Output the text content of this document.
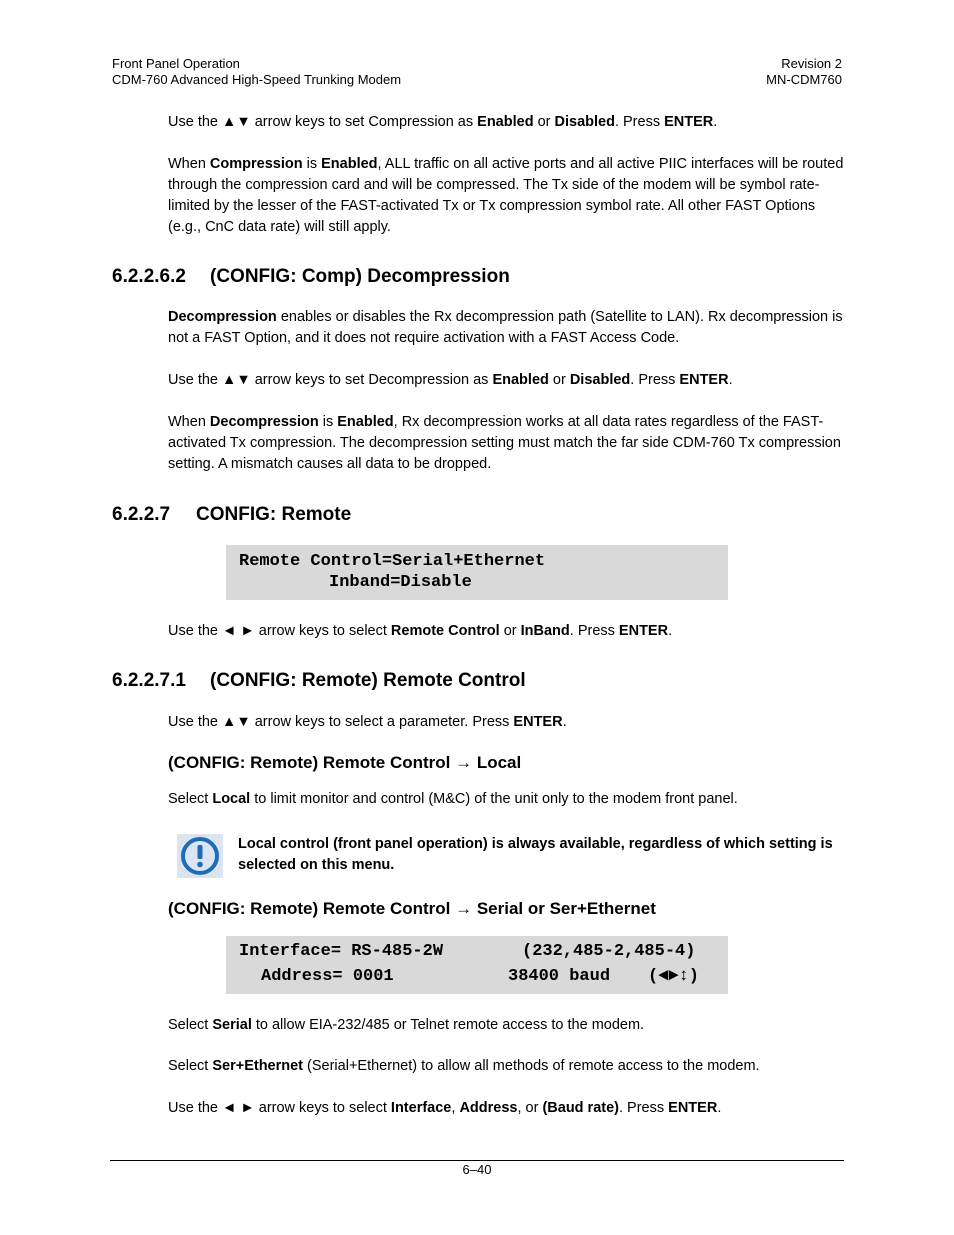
Front Panel Operation
CDM-760 Advanced High-Speed Trunking Modem
Revision 2
MN-CDM760
Use the ▲▼ arrow keys to set Compression as Enabled or Disabled. Press ENTER.
When Compression is Enabled, ALL traffic on all active ports and all active PIIC interfaces will be routed through the compression card and will be compressed. The Tx side of the modem will be symbol rate-limited by the lesser of the FAST-activated Tx or Tx compression symbol rate. All other FAST Options (e.g., CnC data rate) will still apply.
6.2.2.6.2 (CONFIG: Comp) Decompression
Decompression enables or disables the Rx decompression path (Satellite to LAN). Rx decompression is not a FAST Option, and it does not require activation with a FAST Access Code.
Use the ▲▼ arrow keys to set Decompression as Enabled or Disabled. Press ENTER.
When Decompression is Enabled, Rx decompression works at all data rates regardless of the FAST-activated Tx compression. The decompression setting must match the far side CDM-760 Tx compression setting. A mismatch causes all data to be dropped.
6.2.2.7 CONFIG: Remote
Remote Control=Serial+Ethernet
Inband=Disable
Use the ◄ ► arrow keys to select Remote Control or InBand. Press ENTER.
6.2.2.7.1 (CONFIG: Remote) Remote Control
Use the ▲▼ arrow keys to select a parameter. Press ENTER.
(CONFIG: Remote) Remote Control → Local
Select Local to limit monitor and control (M&C) of the unit only to the modem front panel.
Local control (front panel operation) is always available, regardless of which setting is selected on this menu.
(CONFIG: Remote) Remote Control → Serial or Ser+Ethernet
Interface= RS-485-2W	(232,485-2,485-4)
Address= 0001	38400 baud (◄►↕)
Select Serial to allow EIA-232/485 or Telnet remote access to the modem.
Select Ser+Ethernet (Serial+Ethernet) to allow all methods of remote access to the modem.
Use the ◄ ► arrow keys to select Interface, Address, or (Baud rate). Press ENTER.
6–40
